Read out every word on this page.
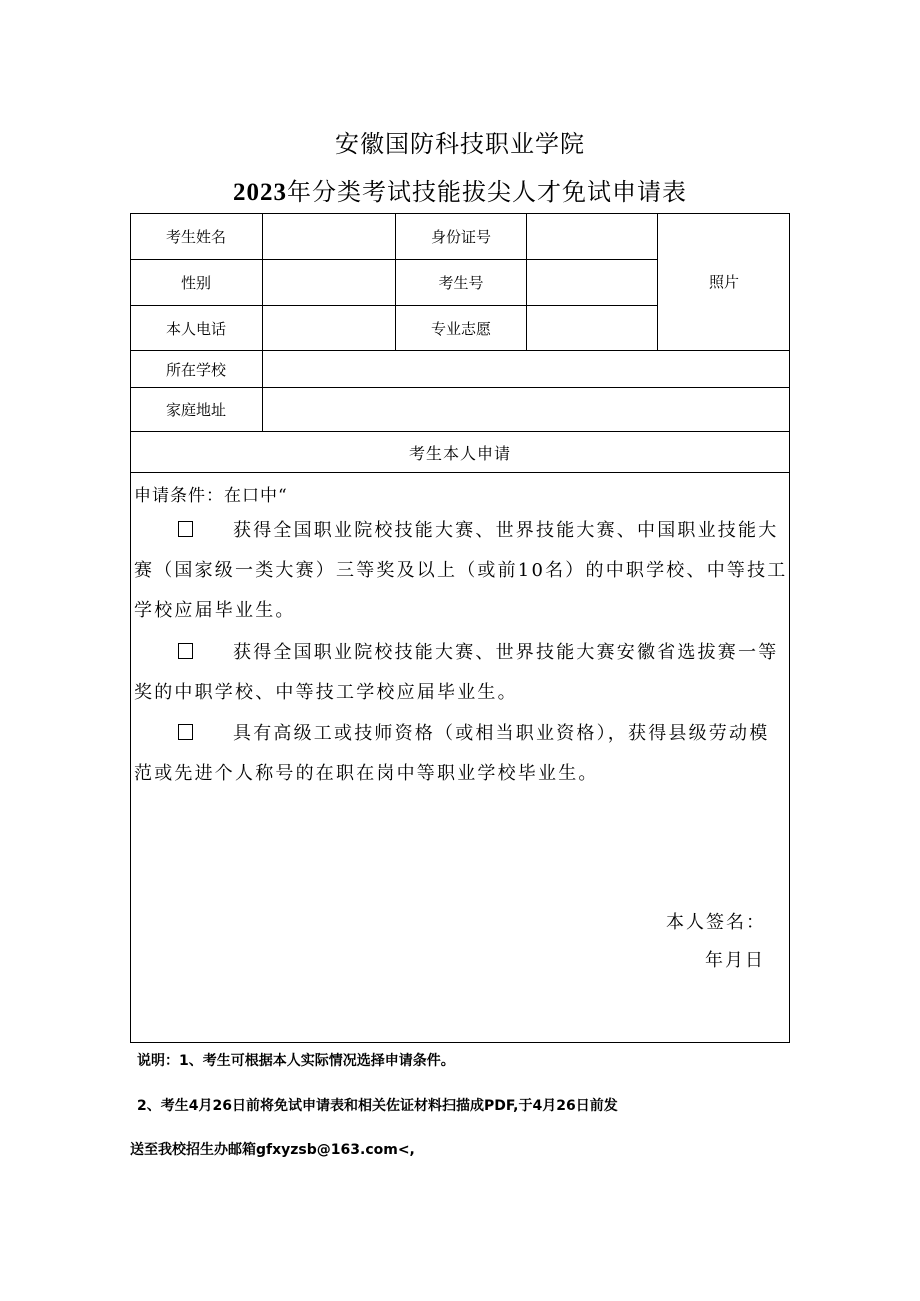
安徽国防科技职业学院
2023年分类考试技能拔尖人才免试申请表
考生姓名	身份证号
性别	考生号
本人电话	专业志愿
照片
所在学校
家庭地址
考生本人申请
申请条件：在口中“
获得全国职业院校技能大赛、世界技能大赛、中国职业技能大赛（国家级一类大赛）三等奖及以上（或前10名）的中职学校、中等技工学校应届毕业生。
获得全国职业院校技能大赛、世界技能大赛安徽省选拔赛一等奖的中职学校、中等技工学校应届毕业生。
具有高级工或技师资格（或相当职业资格），获得县级劳动模范或先进个人称号的在职在岗中等职业学校毕业生。
本人签名：
年月日
说明：1、考生可根据本人实际情况选择申请条件。
2、考生4月26日前将免试申请表和相关佐证材料扫描成PDF,于4月26日前发
送至我校招生办邮箱gfxyzsb@163.com<,
